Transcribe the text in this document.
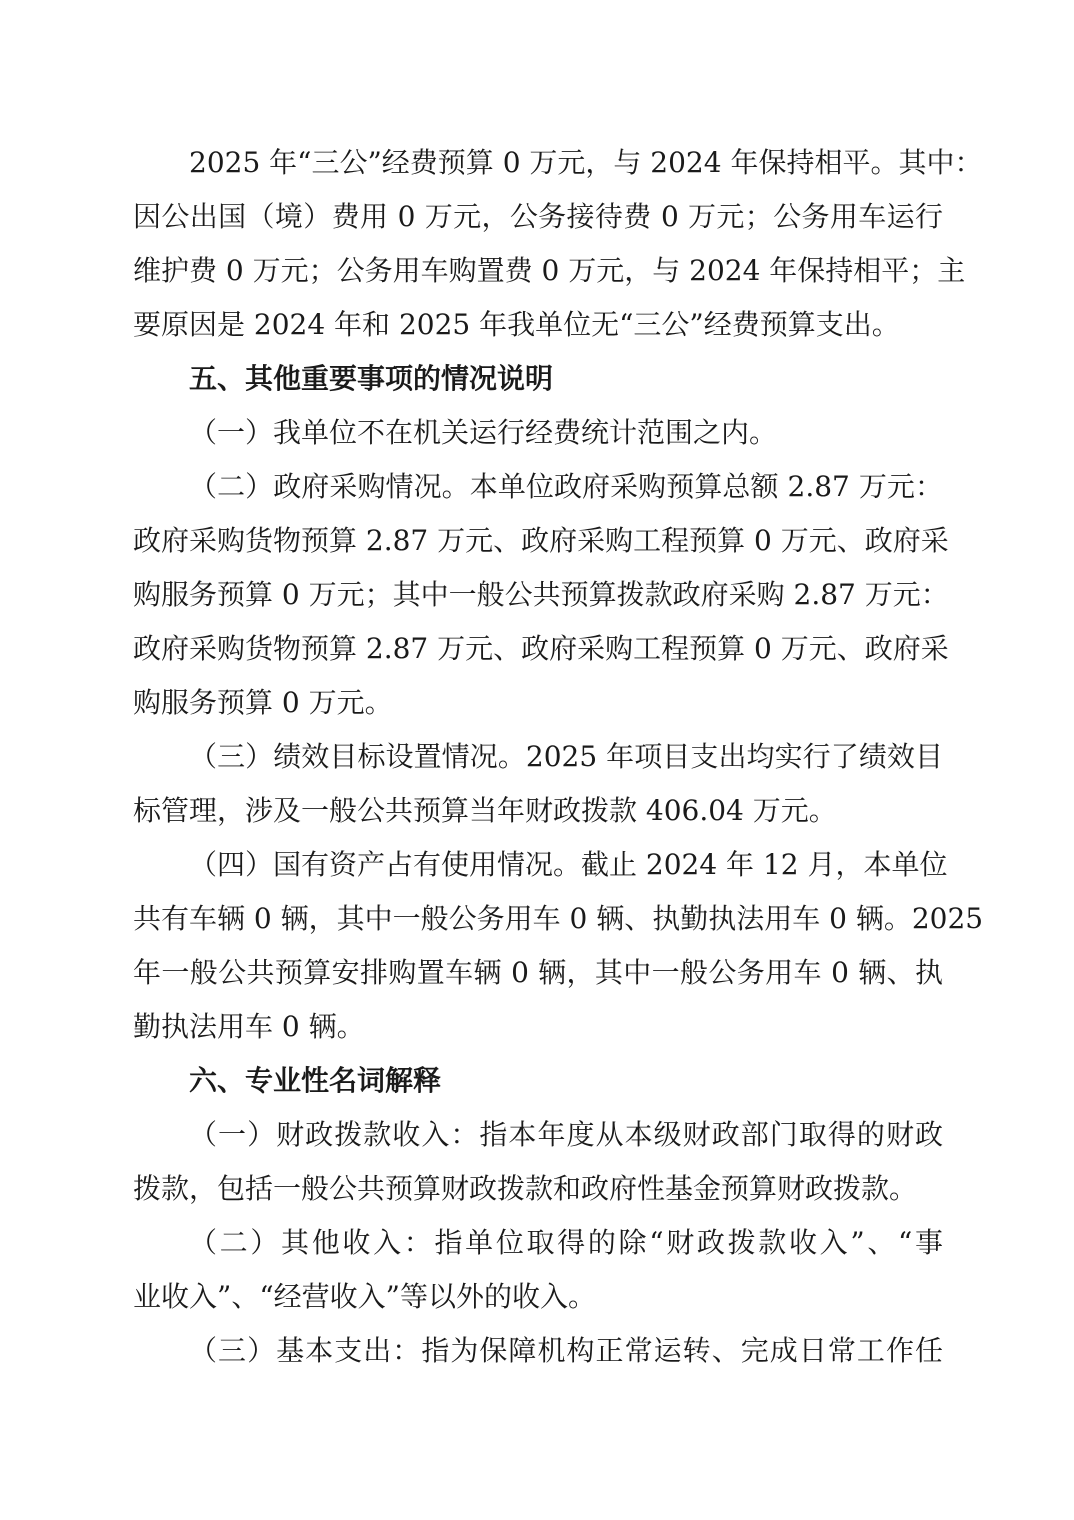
2025 年“三公”经费预算 0 万元，与 2024 年保持相平。其中：
因公出国（境）费用 0 万元，公务接待费 0 万元；公务用车运行
维护费 0 万元；公务用车购置费 0 万元，与 2024 年保持相平；主
要原因是 2024 年和 2025 年我单位无“三公”经费预算支出。
五、其他重要事项的情况说明
（一）我单位不在机关运行经费统计范围之内。
（二）政府采购情况。本单位政府采购预算总额 2.87 万元：
政府采购货物预算 2.87 万元、政府采购工程预算 0 万元、政府采
购服务预算 0 万元；其中一般公共预算拨款政府采购 2.87 万元：
政府采购货物预算 2.87 万元、政府采购工程预算 0 万元、政府采
购服务预算 0 万元。
（三）绩效目标设置情况。2025 年项目支出均实行了绩效目
标管理，涉及一般公共预算当年财政拨款 406.04 万元。
（四）国有资产占有使用情况。截止 2024 年 12 月，本单位
共有车辆 0 辆，其中一般公务用车 0 辆、执勤执法用车 0 辆。2025
年一般公共预算安排购置车辆 0 辆，其中一般公务用车 0 辆、执
勤执法用车 0 辆。
六、专业性名词解释
（一）财政拨款收入：指本年度从本级财政部门取得的财政
拨款，包括一般公共预算财政拨款和政府性基金预算财政拨款。
（二）其他收入：指单位取得的除“财政拨款收入”、“事
业收入”、“经营收入”等以外的收入。
（三）基本支出：指为保障机构正常运转、完成日常工作任
